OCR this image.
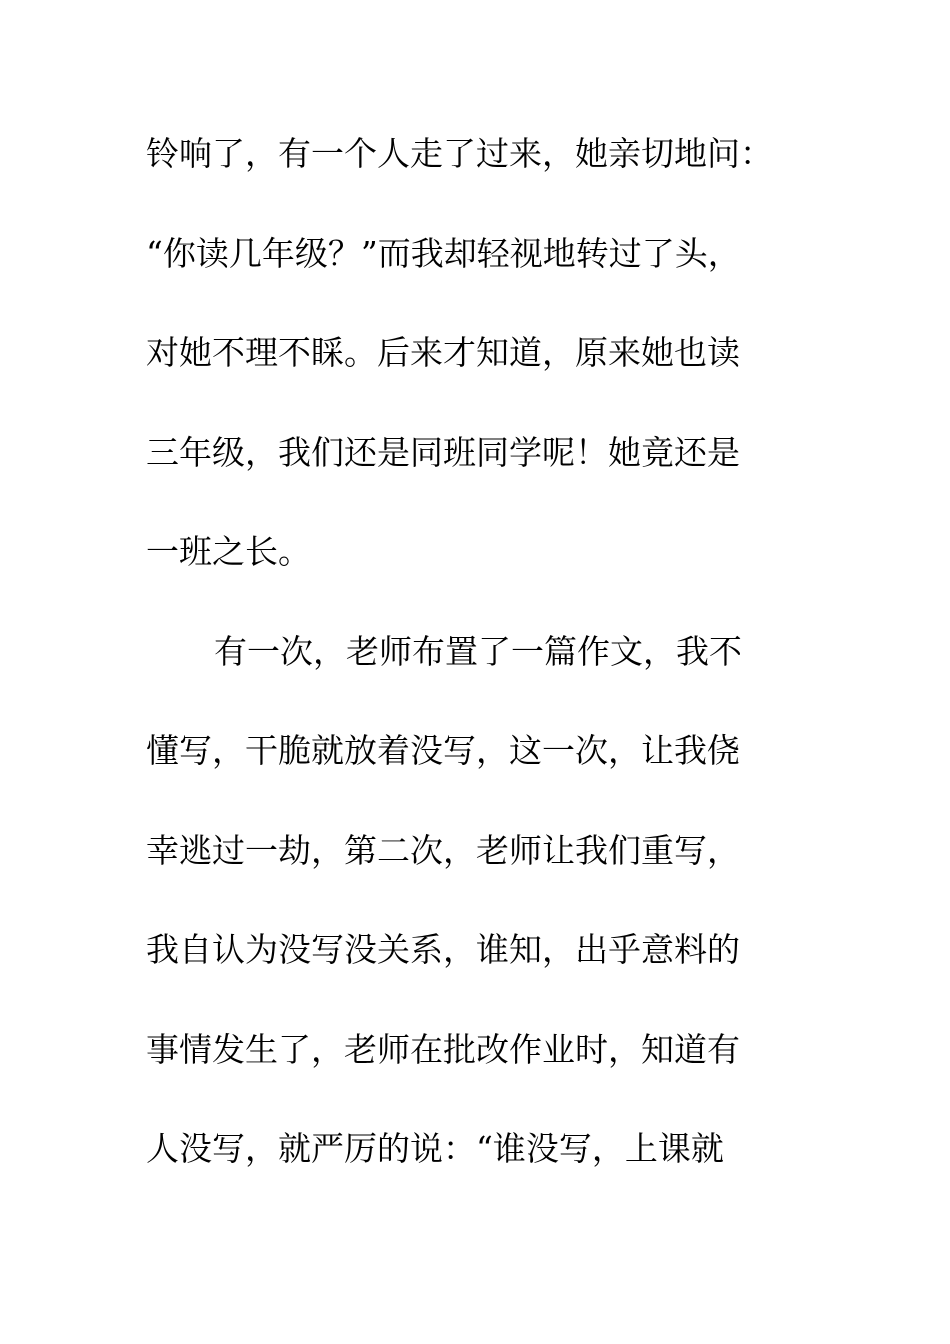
铃响了，有一个人走了过来，她亲切地问：
“你读几年级？”而我却轻视地转过了头，
对她不理不睬。后来才知道，原来她也读
三年级，我们还是同班同学呢！她竟还是
一班之长。
有一次，老师布置了一篇作文，我不
懂写，干脆就放着没写，这一次，让我侥
幸逃过一劫，第二次，老师让我们重写，
我自认为没写没关系，谁知，出乎意料的
事情发生了，老师在批改作业时，知道有
人没写，就严厉的说：“谁没写，上课就
